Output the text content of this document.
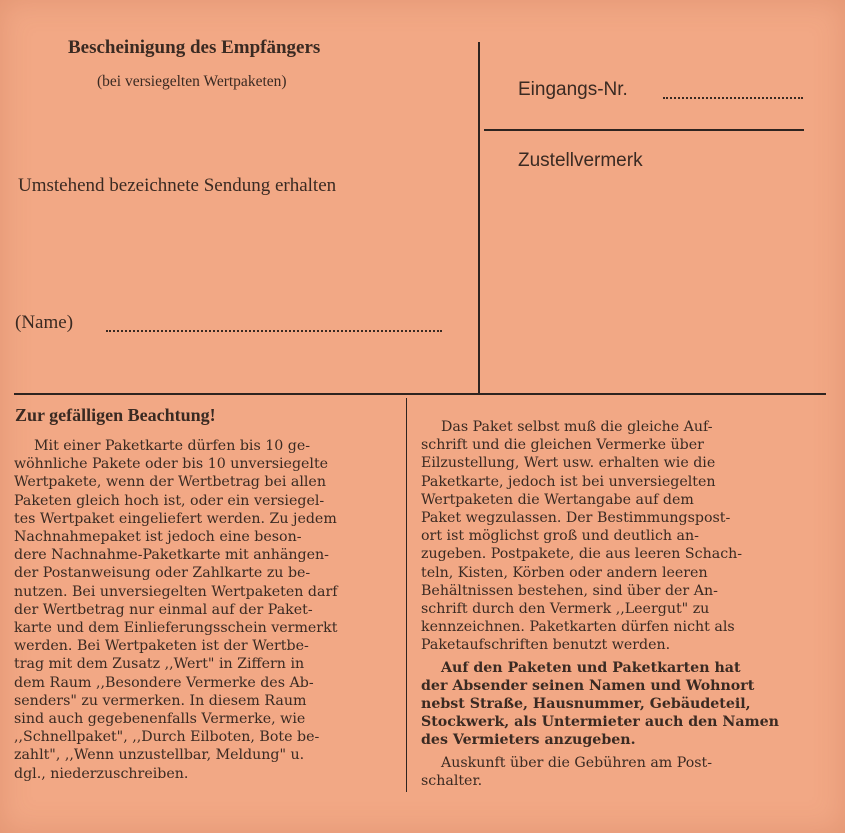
Bescheinigung des Empfängers
(bei versiegelten Wertpaketen)
Umstehend bezeichnete Sendung erhalten
(Name)
Eingangs-Nr.
Zustellvermerk
Zur gefälligen Beachtung!
Mit einer Paketkarte dürfen bis 10 ge-
wöhnliche Pakete oder bis 10 unversiegelte
Wertpakete, wenn der Wertbetrag bei allen
Paketen gleich hoch ist, oder ein versiegel-
tes Wertpaket eingeliefert werden. Zu jedem
Nachnahmepaket ist jedoch eine beson-
dere Nachnahme-Paketkarte mit anhängen-
der Postanweisung oder Zahlkarte zu be-
nutzen. Bei unversiegelten Wertpaketen darf
der Wertbetrag nur einmal auf der Paket-
karte und dem Einlieferungsschein vermerkt
werden. Bei Wertpaketen ist der Wertbe-
trag mit dem Zusatz ,,Wert" in Ziffern in
dem Raum ,,Besondere Vermerke des Ab-
senders" zu vermerken. In diesem Raum
sind auch gegebenenfalls Vermerke, wie
,,Schnellpaket", ,,Durch Eilboten, Bote be-
zahlt", ,,Wenn unzustellbar, Meldung" u.
dgl., niederzuschreiben.
Das Paket selbst muß die gleiche Auf-
schrift und die gleichen Vermerke über
Eilzustellung, Wert usw. erhalten wie die
Paketkarte, jedoch ist bei unversiegelten
Wertpaketen die Wertangabe auf dem
Paket wegzulassen. Der Bestimmungspost-
ort ist möglichst groß und deutlich an-
zugeben. Postpakete, die aus leeren Schach-
teln, Kisten, Körben oder andern leeren
Behältnissen bestehen, sind über der An-
schrift durch den Vermerk ,,Leergut" zu
kennzeichnen. Paketkarten dürfen nicht als
Paketaufschriften benutzt werden.
Auf den Paketen und Paketkarten hat
der Absender seinen Namen und Wohnort
nebst Straße, Hausnummer, Gebäudeteil,
Stockwerk, als Untermieter auch den Namen
des Vermieters anzugeben.
Auskunft über die Gebühren am Post-
schalter.
